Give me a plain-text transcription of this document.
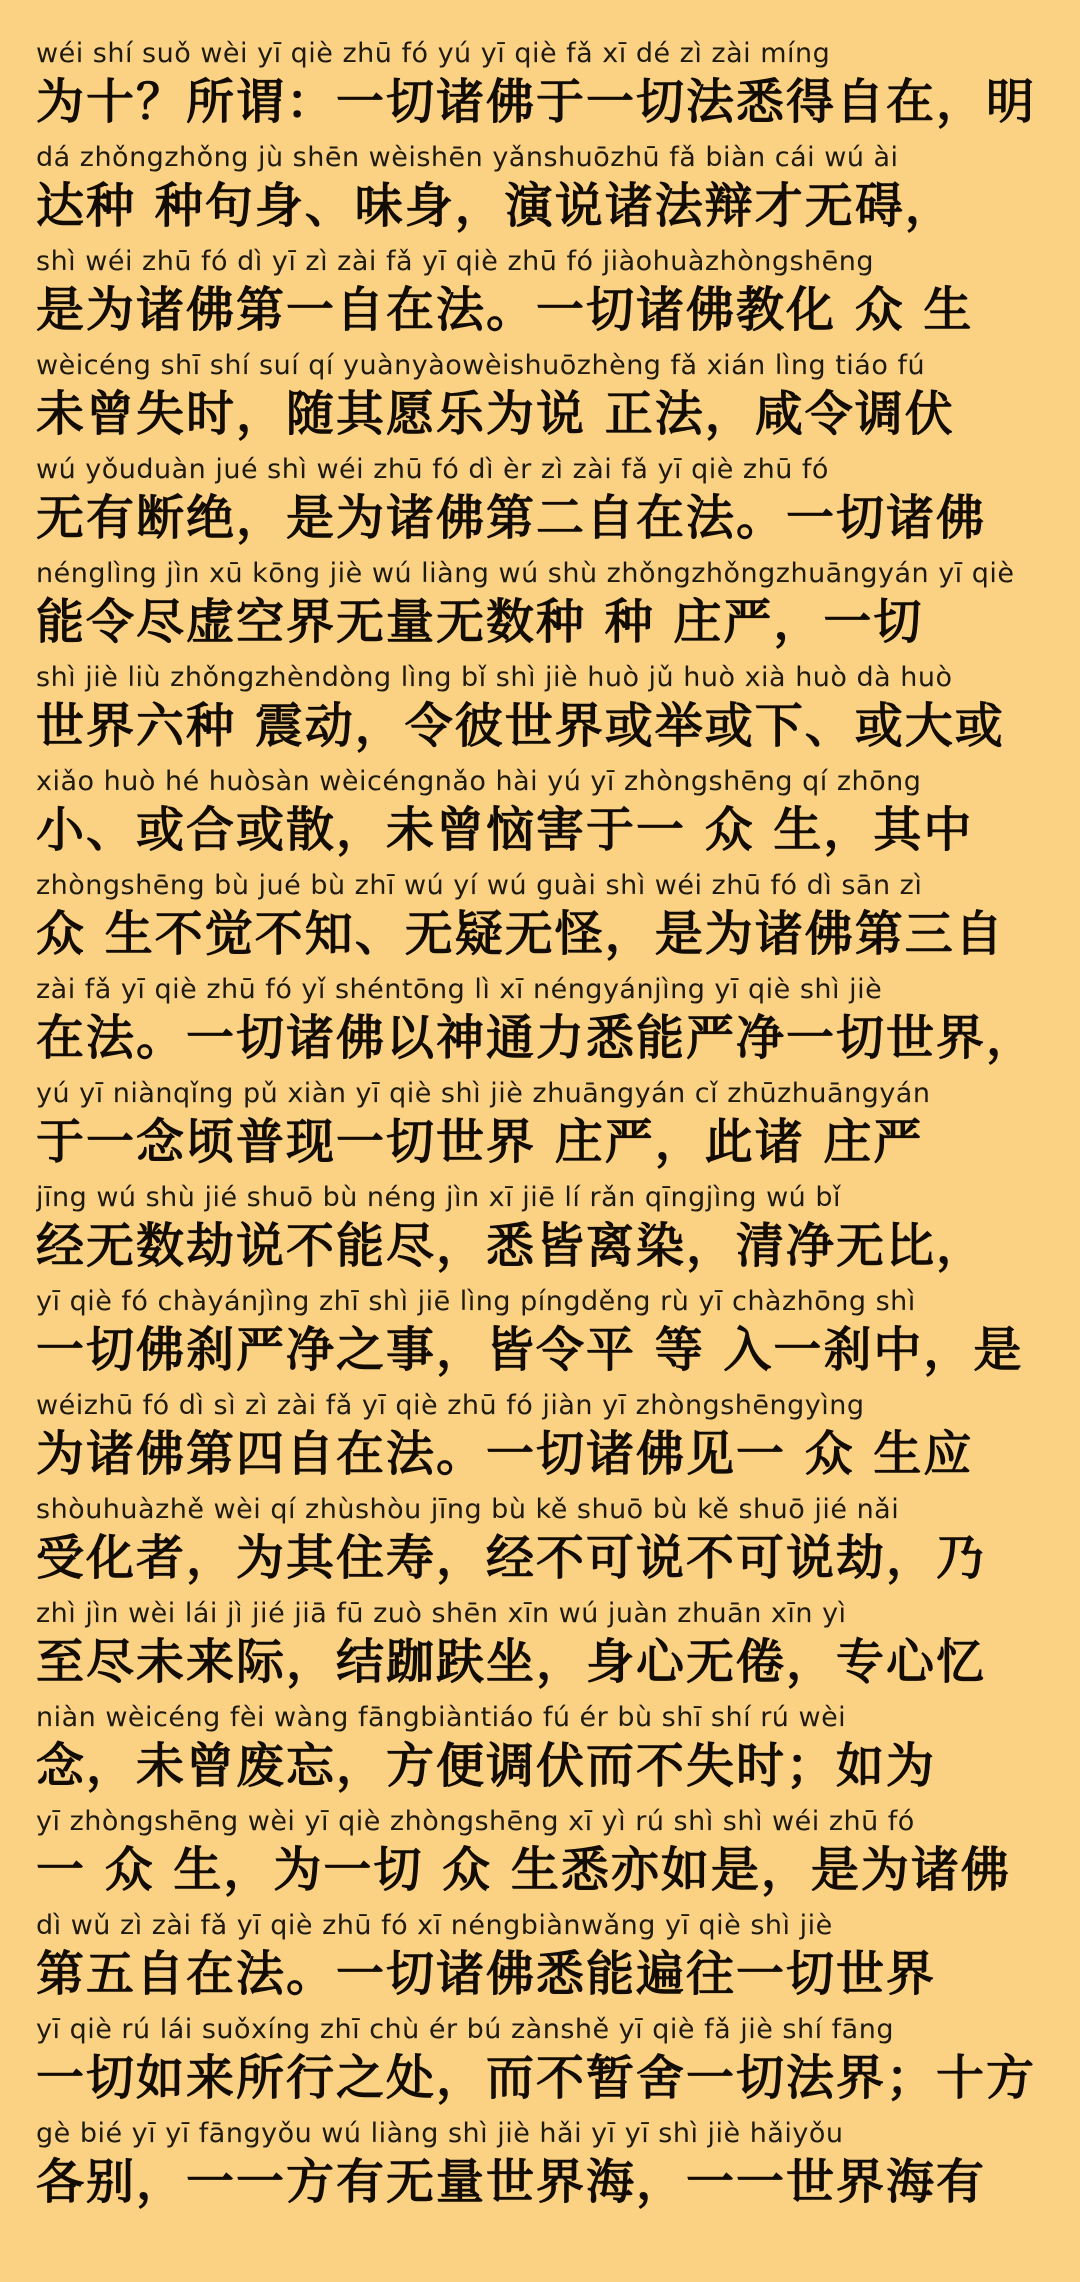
wéi shí suǒ wèi yī qiè zhū fó yú yī qiè fǎ xī dé zì zài míng
为十？所谓：一切诸佛于一切法悉得自在，明
dá zhǒngzhǒng jù shēn wèishēn yǎnshuōzhū fǎ biàn cái wú ài
达种 种句身、味身，演说诸法辩才无碍，
shì wéi zhū fó dì yī zì zài fǎ yī qiè zhū fó jiàohuàzhòngshēng
是为诸佛第一自在法。一切诸佛教化 众 生
wèicéng shī shí suí qí yuànyàowèishuōzhèng fǎ xián lìng tiáo fú
未曾失时，随其愿乐为说 正法，咸令调伏
wú yǒuduàn jué shì wéi zhū fó dì èr zì zài fǎ yī qiè zhū fó
无有断绝，是为诸佛第二自在法。一切诸佛
nénglìng jìn xū kōng jiè wú liàng wú shù zhǒngzhǒngzhuāngyán yī qiè
能令尽虚空界无量无数种 种 庄严，一切
shì jiè liù zhǒngzhèndòng lìng bǐ shì jiè huò jǔ huò xià huò dà huò
世界六种 震动，令彼世界或举或下、或大或
xiǎo huò hé huòsàn wèicéngnǎo hài yú yī zhòngshēng qí zhōng
小、或合或散，未曾恼害于一 众 生，其中
zhòngshēng bù jué bù zhī wú yí wú guài shì wéi zhū fó dì sān zì
众 生不觉不知、无疑无怪，是为诸佛第三自
zài fǎ yī qiè zhū fó yǐ shéntōng lì xī néngyánjìng yī qiè shì jiè
在法。一切诸佛以神通力悉能严净一切世界，
yú yī niànqǐng pǔ xiàn yī qiè shì jiè zhuāngyán cǐ zhūzhuāngyán
于一念顷普现一切世界 庄严，此诸 庄严
jīng wú shù jié shuō bù néng jìn xī jiē lí rǎn qīngjìng wú bǐ
经无数劫说不能尽，悉皆离染，清净无比，
yī qiè fó chàyánjìng zhī shì jiē lìng píngděng rù yī chàzhōng shì
一切佛刹严净之事，皆令平 等 入一刹中，是
wéizhū fó dì sì zì zài fǎ yī qiè zhū fó jiàn yī zhòngshēngyìng
为诸佛第四自在法。一切诸佛见一 众 生应
shòuhuàzhě wèi qí zhùshòu jīng bù kě shuō bù kě shuō jié nǎi
受化者，为其住寿，经不可说不可说劫，乃
zhì jìn wèi lái jì jié jiā fū zuò shēn xīn wú juàn zhuān xīn yì
至尽未来际，结跏趺坐，身心无倦，专心忆
niàn wèicéng fèi wàng fāngbiàntiáo fú ér bù shī shí rú wèi
念，未曾废忘，方便调伏而不失时；如为
yī zhòngshēng wèi yī qiè zhòngshēng xī yì rú shì shì wéi zhū fó
一 众 生，为一切 众 生悉亦如是，是为诸佛
dì wǔ zì zài fǎ yī qiè zhū fó xī néngbiànwǎng yī qiè shì jiè
第五自在法。一切诸佛悉能遍往一切世界
yī qiè rú lái suǒxíng zhī chù ér bú zànshě yī qiè fǎ jiè shí fāng
一切如来所行之处，而不暂舍一切法界；十方
gè bié yī yī fāngyǒu wú liàng shì jiè hǎi yī yī shì jiè hǎiyǒu
各别，一一方有无量世界海，一一世界海有
